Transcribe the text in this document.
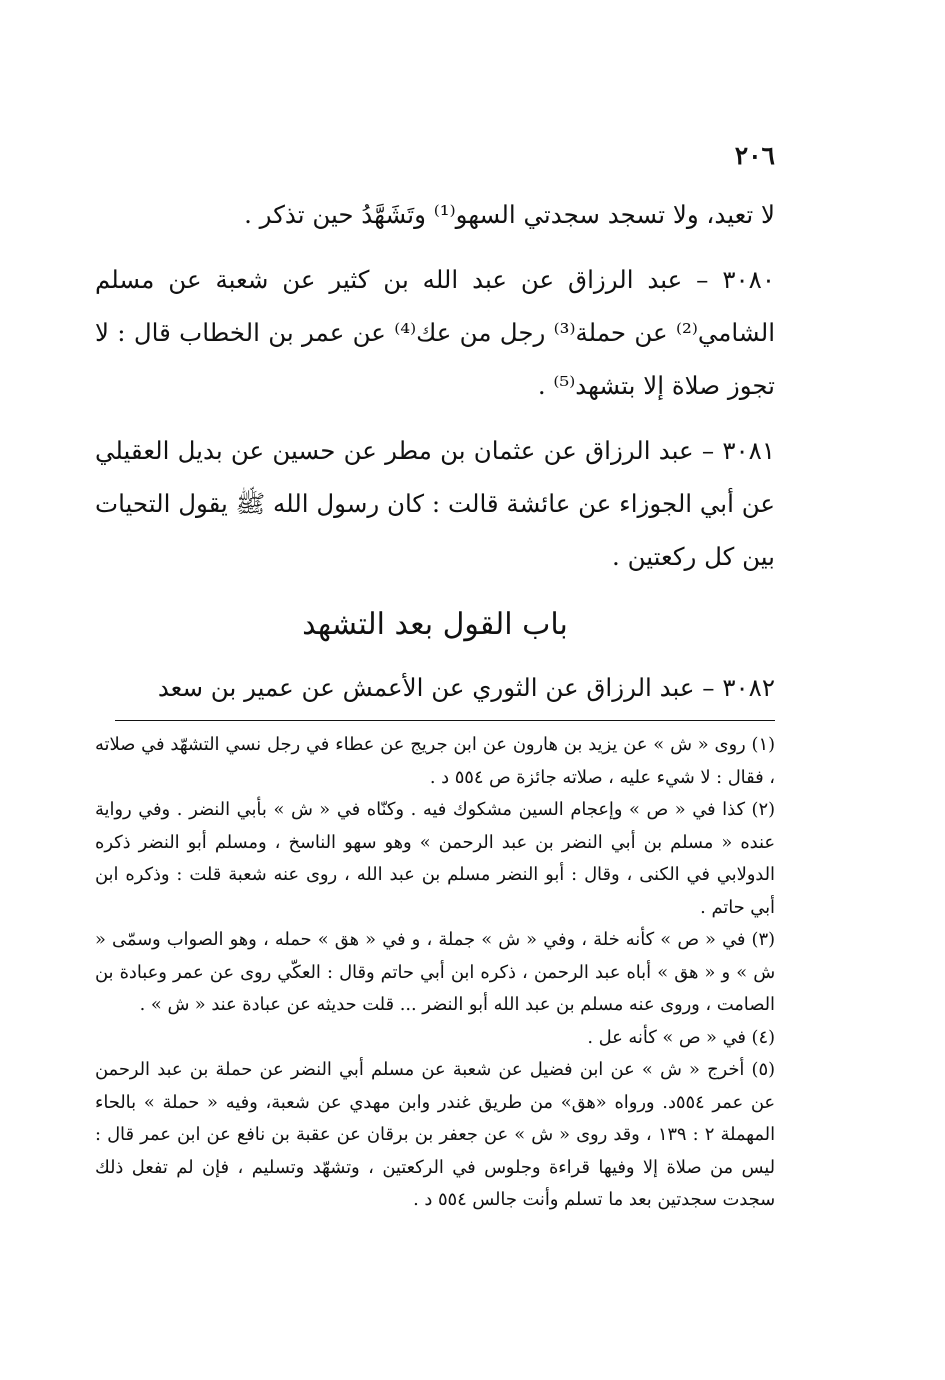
٢٠٦

لا تعيد، ولا تسجد سجدتي السهو⁽¹⁾ وتَشَهَّدُ حين تذكر .

٣٠٨٠ – عبد الرزاق عن عبد الله بن كثير عن شعبة عن مسلم الشامي⁽²⁾ عن حملة⁽³⁾ رجل من عك⁽⁴⁾ عن عمر بن الخطاب قال : لا تجوز صلاة إلا بتشهد⁽⁵⁾ .

٣٠٨١ – عبد الرزاق عن عثمان بن مطر عن حسين عن بديل العقيلي عن أبي الجوزاء عن عائشة قالت : كان رسول الله ﷺ يقول التحيات بين كل ركعتين .

باب القول بعد التشهد

٣٠٨٢ – عبد الرزاق عن الثوري عن الأعمش عن عمير بن سعد

(١) روى « ش » عن يزيد بن هارون عن ابن جريج عن عطاء في رجل نسي التشهّد في صلاته ، فقال : لا شيء عليه ، صلاته جائزة ص ٥٥٤ د .

(٢) كذا في « ص » وإعجام السين مشكوك فيه . وكنّاه في « ش » بأبي النضر . وفي رواية عنده « مسلم بن أبي النضر بن عبد الرحمن » وهو سهو الناسخ ، ومسلم أبو النضر ذكره الدولابي في الكنى ، وقال : أبو النضر مسلم بن عبد الله ، روى عنه شعبة قلت : وذكره ابن أبي حاتم .

(٣) في « ص » كأنه خلة ، وفي « ش » جملة ، و في « هق » حمله ، وهو الصواب وسمّى « ش » و « هق » أباه عبد الرحمن ، ذكره ابن أبي حاتم وقال : العكّي روى عن عمر وعبادة بن الصامت ، وروى عنه مسلم بن عبد الله أبو النضر ... قلت حديثه عن عبادة عند « ش » .

(٤) في « ص » كأنه عل .

(٥) أخرج « ش » عن ابن فضيل عن شعبة عن مسلم أبي النضر عن حملة بن عبد الرحمن عن عمر ٥٥٤د. ورواه «هق» من طريق غندر وابن مهدي عن شعبة، وفيه « حملة » بالحاء المهملة ٢ : ١٣٩ ، وقد روى « ش » عن جعفر بن برقان عن عقبة بن نافع عن ابن عمر قال : ليس من صلاة إلا وفيها قراءة وجلوس في الركعتين ، وتشهّد وتسليم ، فإن لم تفعل ذلك سجدت سجدتين بعد ما تسلم وأنت جالس ٥٥٤ د .
